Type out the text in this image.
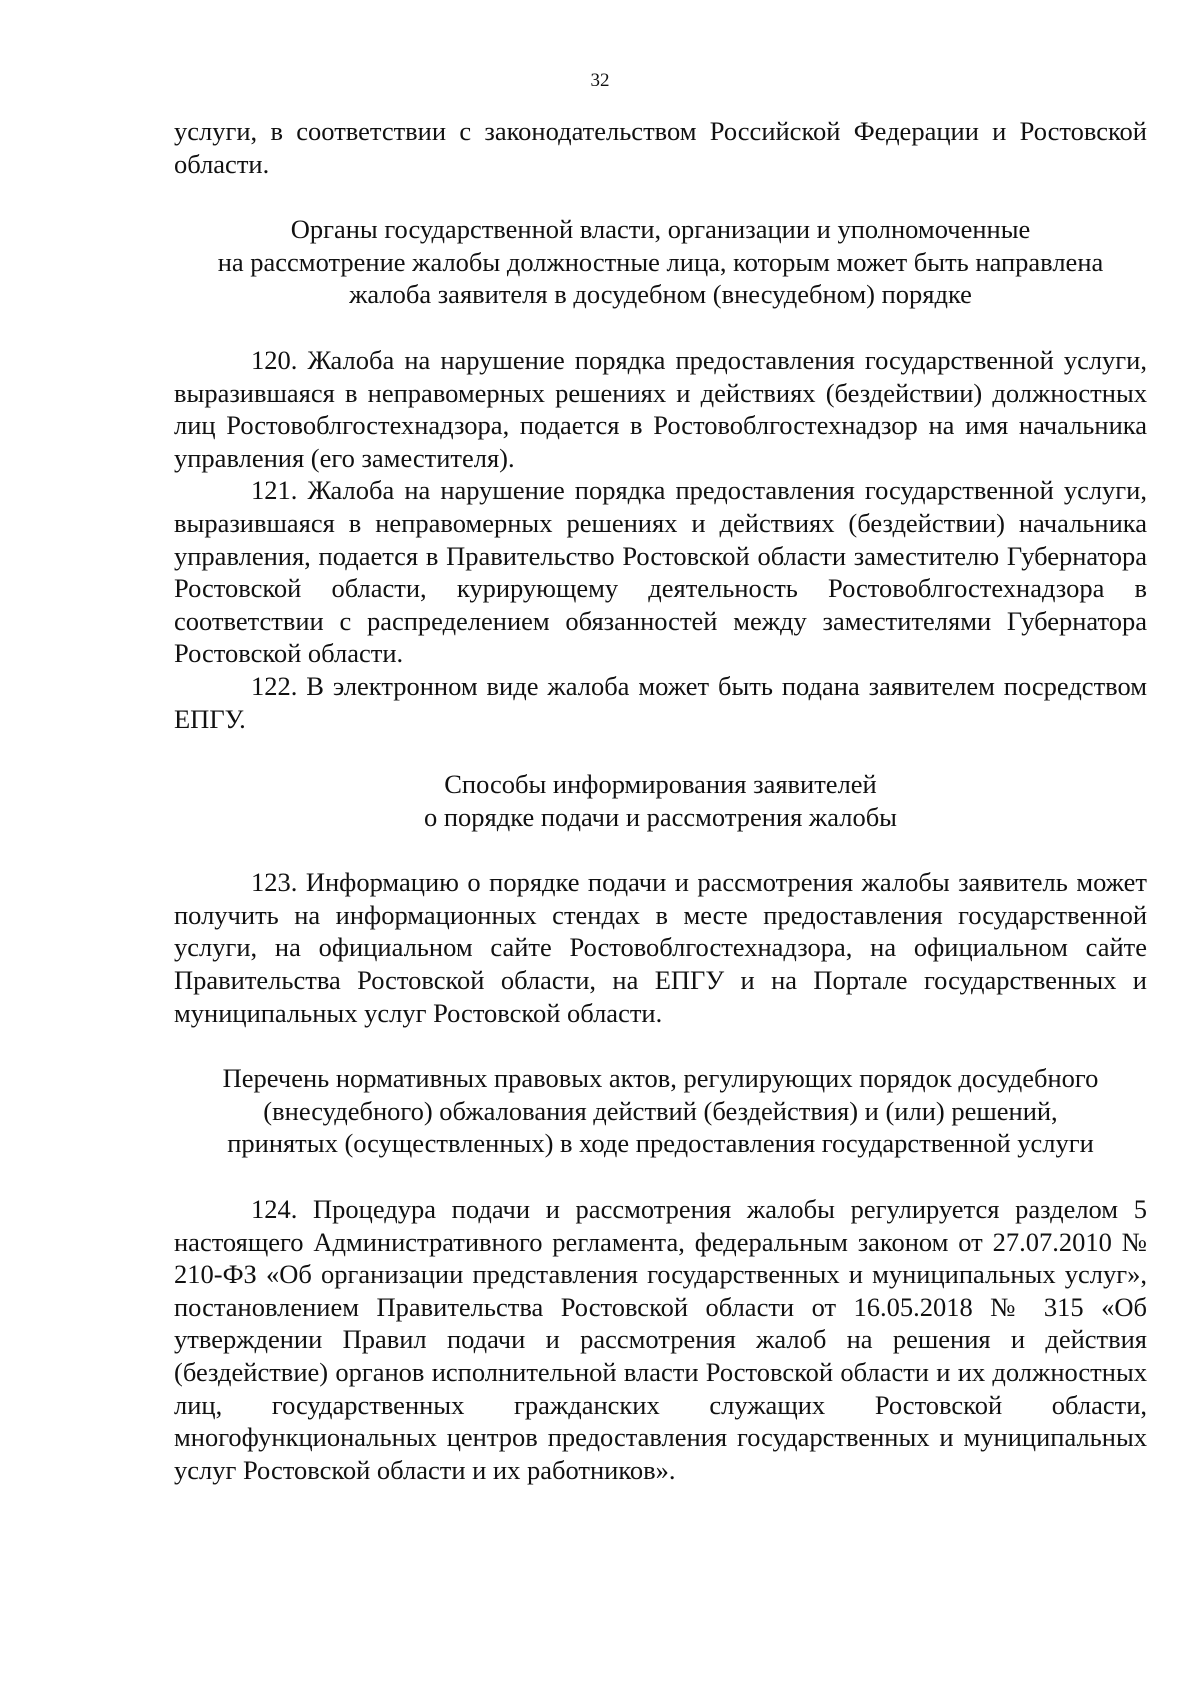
32

услуги, в соответствии с законодательством Российской Федерации и Ростовской области.

Органы государственной власти, организации и уполномоченные
на рассмотрение жалобы должностные лица, которым может быть направлена
жалоба заявителя в досудебном (внесудебном) порядке

120. Жалоба на нарушение порядка предоставления государственной услуги, выразившаяся в неправомерных решениях и действиях (бездействии) должностных лиц Ростовоблгостехнадзора, подается в Ростовоблгостехнадзор на имя начальника управления (его заместителя).

121. Жалоба на нарушение порядка предоставления государственной услуги, выразившаяся в неправомерных решениях и действиях (бездействии) начальника управления, подается в Правительство Ростовской области заместителю Губернатора Ростовской области, курирующему деятельность Ростовоблгостехнадзора в соответствии с распределением обязанностей между заместителями Губернатора Ростовской области.

122. В электронном виде жалоба может быть подана заявителем посредством ЕПГУ.

Способы информирования заявителей
о порядке подачи и рассмотрения жалобы

123. Информацию о порядке подачи и рассмотрения жалобы заявитель может получить на информационных стендах в месте предоставления государственной услуги, на официальном сайте Ростовоблгостехнадзора, на официальном сайте Правительства Ростовской области, на ЕПГУ и на Портале государственных и муниципальных услуг Ростовской области.

Перечень нормативных правовых актов, регулирующих порядок досудебного
(внесудебного) обжалования действий (бездействия) и (или) решений,
принятых (осуществленных) в ходе предоставления государственной услуги

124. Процедура подачи и рассмотрения жалобы регулируется разделом 5 настоящего Административного регламента, федеральным законом от 27.07.2010 № 210-ФЗ «Об организации представления государственных и муниципальных услуг», постановлением Правительства Ростовской области от 16.05.2018 № 315 «Об утверждении Правил подачи и рассмотрения жалоб на решения и действия (бездействие) органов исполнительной власти Ростовской области и их должностных лиц, государственных гражданских служащих Ростовской области, многофункциональных центров предоставления государственных и муниципальных услуг Ростовской области и их работников».
